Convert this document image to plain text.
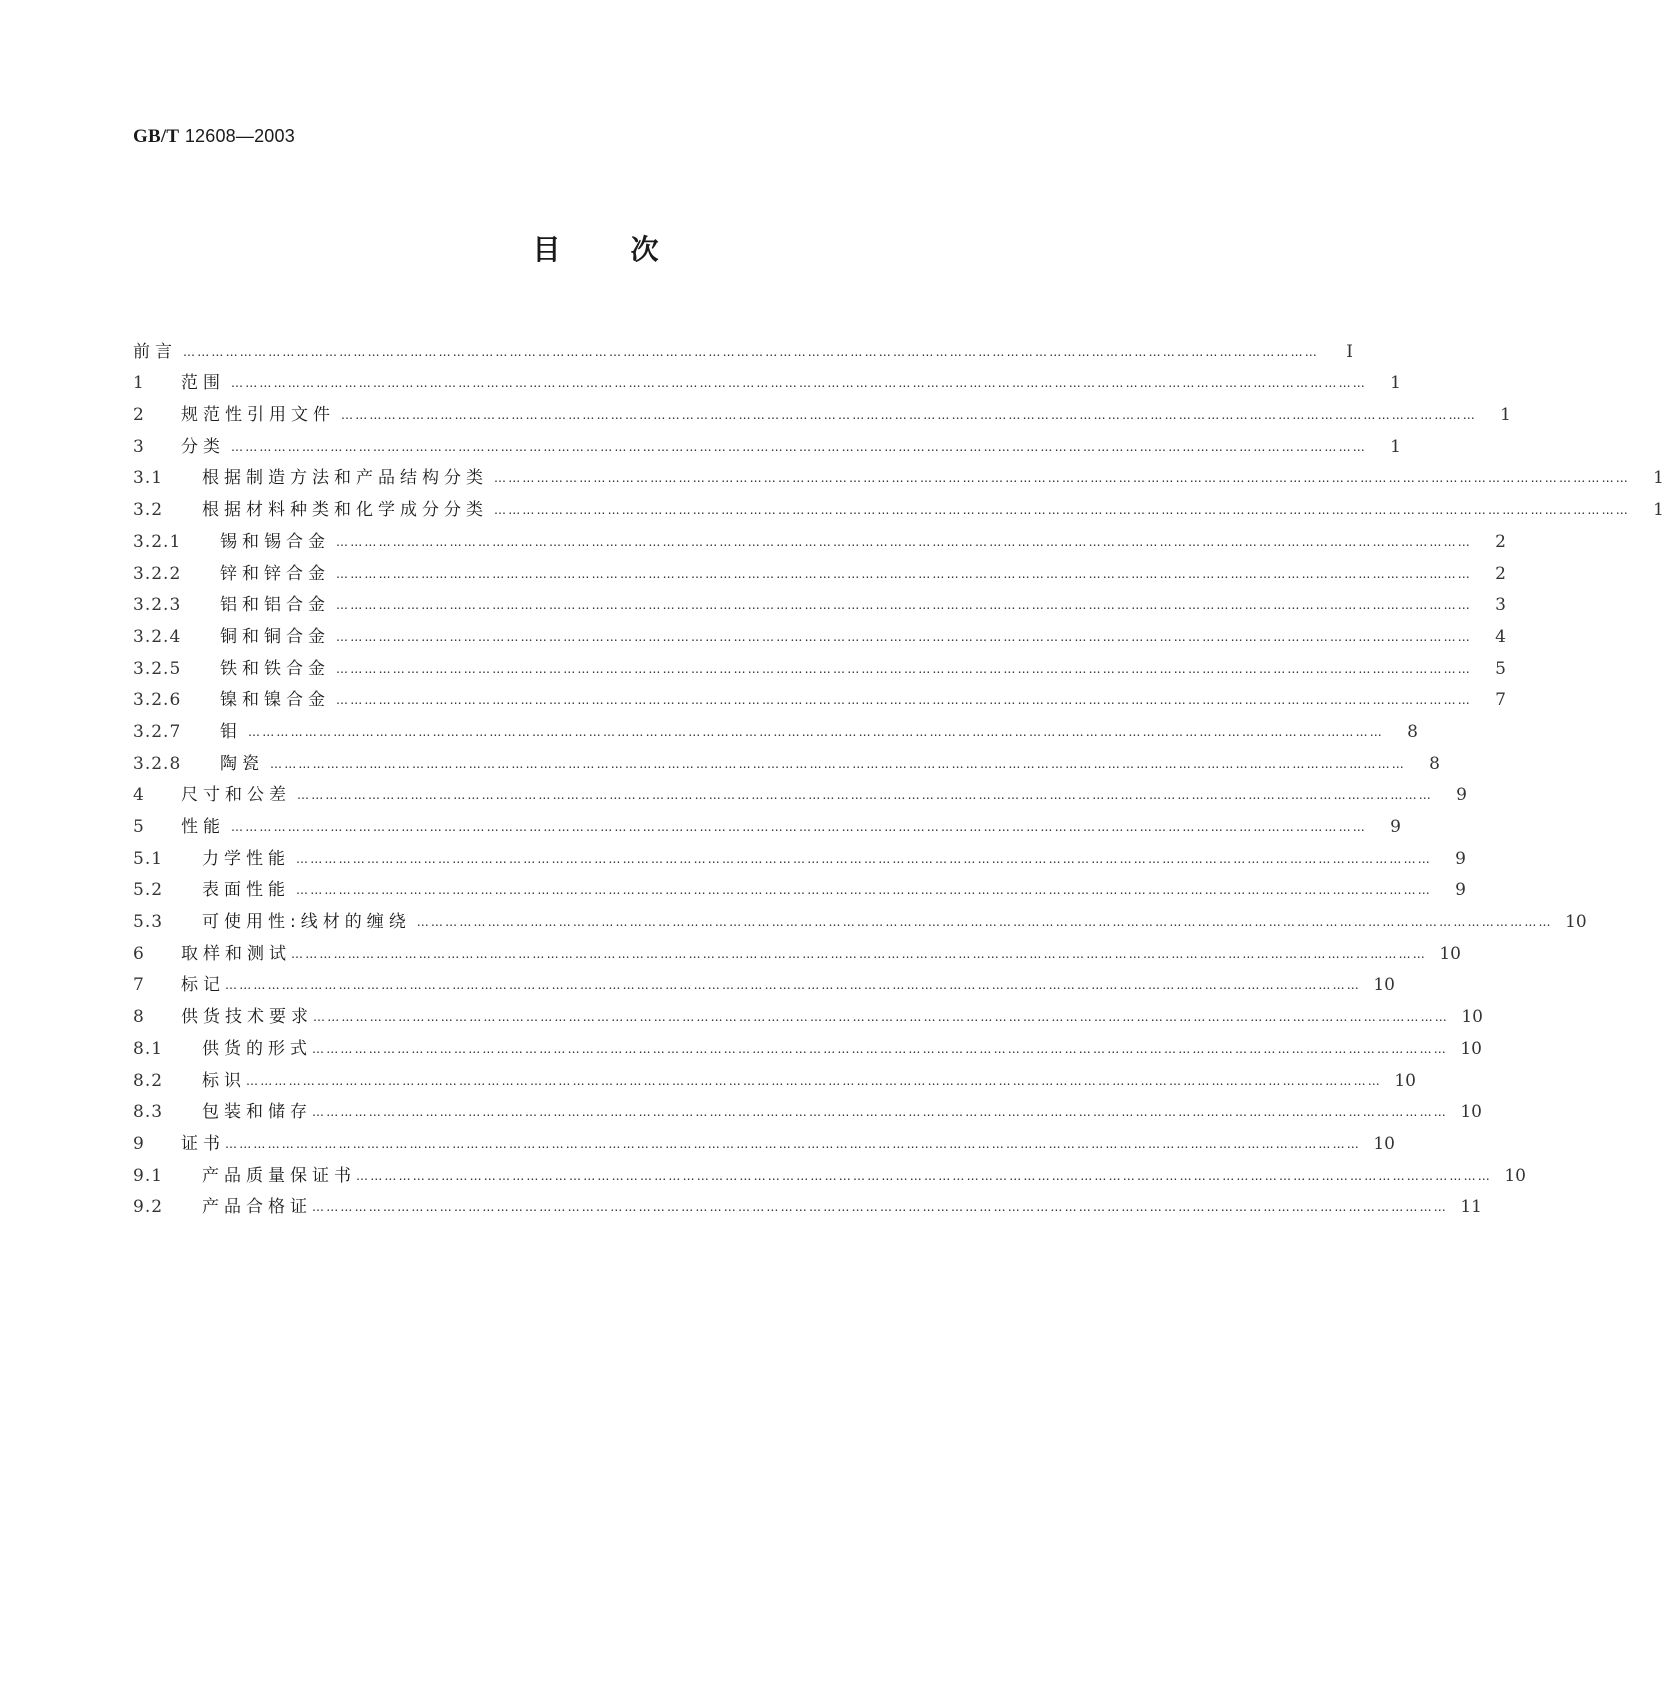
GB/T 12608—2003
目	次
前言 ……………………………………………………………………………………………………………………………………………………………………………………………………………………	Ⅰ
1	范围 ……………………………………………………………………………………………………………………………………………………………………………………………………………………	1
2	规范性引用文件 ……………………………………………………………………………………………………………………………………………………………………………………………………………………	1
3	分类 ……………………………………………………………………………………………………………………………………………………………………………………………………………………	1
3.1	根据制造方法和产品结构分类 ……………………………………………………………………………………………………………………………………………………………………………………………………………………	1
3.2	根据材料种类和化学成分分类 ……………………………………………………………………………………………………………………………………………………………………………………………………………………	1
3.2.1	锡和锡合金 ……………………………………………………………………………………………………………………………………………………………………………………………………………………	2
3.2.2	锌和锌合金 ……………………………………………………………………………………………………………………………………………………………………………………………………………………	2
3.2.3	铝和铝合金 ……………………………………………………………………………………………………………………………………………………………………………………………………………………	3
3.2.4	铜和铜合金 ……………………………………………………………………………………………………………………………………………………………………………………………………………………	4
3.2.5	铁和铁合金 ……………………………………………………………………………………………………………………………………………………………………………………………………………………	5
3.2.6	镍和镍合金 ……………………………………………………………………………………………………………………………………………………………………………………………………………………	7
3.2.7	钼 ……………………………………………………………………………………………………………………………………………………………………………………………………………………	8
3.2.8	陶瓷 ……………………………………………………………………………………………………………………………………………………………………………………………………………………	8
4	尺寸和公差 ……………………………………………………………………………………………………………………………………………………………………………………………………………………	9
5	性能 ……………………………………………………………………………………………………………………………………………………………………………………………………………………	9
5.1	力学性能 ……………………………………………………………………………………………………………………………………………………………………………………………………………………	9
5.2	表面性能 ……………………………………………………………………………………………………………………………………………………………………………………………………………………	9
5.3	可使用性:线材的缠绕 …………………………………………………………………………………………………………………………………………………………………………………………………………………… 10
6	取样和测试 …………………………………………………………………………………………………………………………………………………………………………………………………………………… 10
7	标记 …………………………………………………………………………………………………………………………………………………………………………………………………………………… 10
8	供货技术要求 …………………………………………………………………………………………………………………………………………………………………………………………………………………… 10
8.1	供货的形式 …………………………………………………………………………………………………………………………………………………………………………………………………………………… 10
8.2	标识 …………………………………………………………………………………………………………………………………………………………………………………………………………………… 10
8.3	包装和储存 …………………………………………………………………………………………………………………………………………………………………………………………………………………… 10
9	证书 …………………………………………………………………………………………………………………………………………………………………………………………………………………… 10
9.1	产品质量保证书 …………………………………………………………………………………………………………………………………………………………………………………………………………………… 10
9.2	产品合格证 …………………………………………………………………………………………………………………………………………………………………………………………………………………… 11
